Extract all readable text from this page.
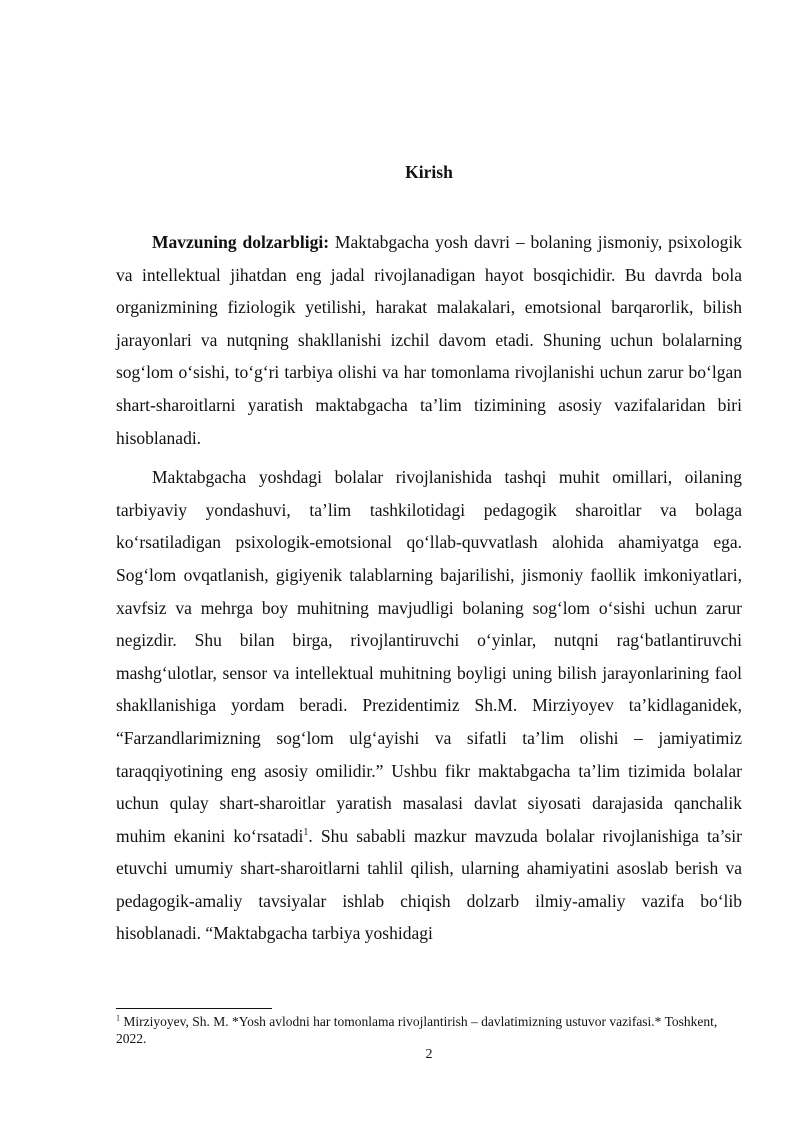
Kirish

Mavzuning dolzarbligi: Maktabgacha yosh davri – bolaning jismoniy, psixologik va intellektual jihatdan eng jadal rivojlanadigan hayot bosqichidir. Bu davrda bola organizmining fiziologik yetilishi, harakat malakalari, emotsional barqarorlik, bilish jarayonlari va nutqning shakllanishi izchil davom etadi. Shuning uchun bolalarning sog‘lom o‘sishi, to‘g‘ri tarbiya olishi va har tomonlama rivojlanishi uchun zarur bo‘lgan shart-sharoitlarni yaratish maktabgacha ta’lim tizimining asosiy vazifalaridan biri hisoblanadi.

Maktabgacha yoshdagi bolalar rivojlanishida tashqi muhit omillari, oilaning tarbiyaviy yondashuvi, ta’lim tashkilotidagi pedagogik sharoitlar va bolaga ko‘rsatiladigan psixologik-emotsional qo‘llab-quvvatlash alohida ahamiyatga ega. Sog‘lom ovqatlanish, gigiyenik talablarning bajarilishi, jismoniy faollik imkoniyatlari, xavfsiz va mehrga boy muhitning mavjudligi bolaning sog‘lom o‘sishi uchun zarur negizdir. Shu bilan birga, rivojlantiruvchi o‘yinlar, nutqni rag‘batlantiruvchi mashg‘ulotlar, sensor va intellektual muhitning boyligi uning bilish jarayonlarining faol shakllanishiga yordam beradi. Prezidentimiz Sh.M. Mirziyoyev ta’kidlaganidek, “Farzandlarimizning sog‘lom ulg‘ayishi va sifatli ta’lim olishi – jamiyatimiz taraqqiyotining eng asosiy omilidir.” Ushbu fikr maktabgacha ta’lim tizimida bolalar uchun qulay shart-sharoitlar yaratish masalasi davlat siyosati darajasida qanchalik muhim ekanini ko‘rsatadi$^1$. Shu sababli mazkur mavzuda bolalar rivojlanishiga ta’sir etuvchi umumiy shart-sharoitlarni tahlil qilish, ularning ahamiyatini asoslab berish va pedagogik-amaliy tavsiyalar ishlab chiqish dolzarb ilmiy-amaliy vazifa bo‘lib hisoblanadi. “Maktabgacha tarbiya yoshidagi

$^1$ Mirziyoyev, Sh. M. *Yosh avlodni har tomonlama rivojlantirish – davlatimizning ustuvor vazifasi.* Toshkent, 2022.
2
